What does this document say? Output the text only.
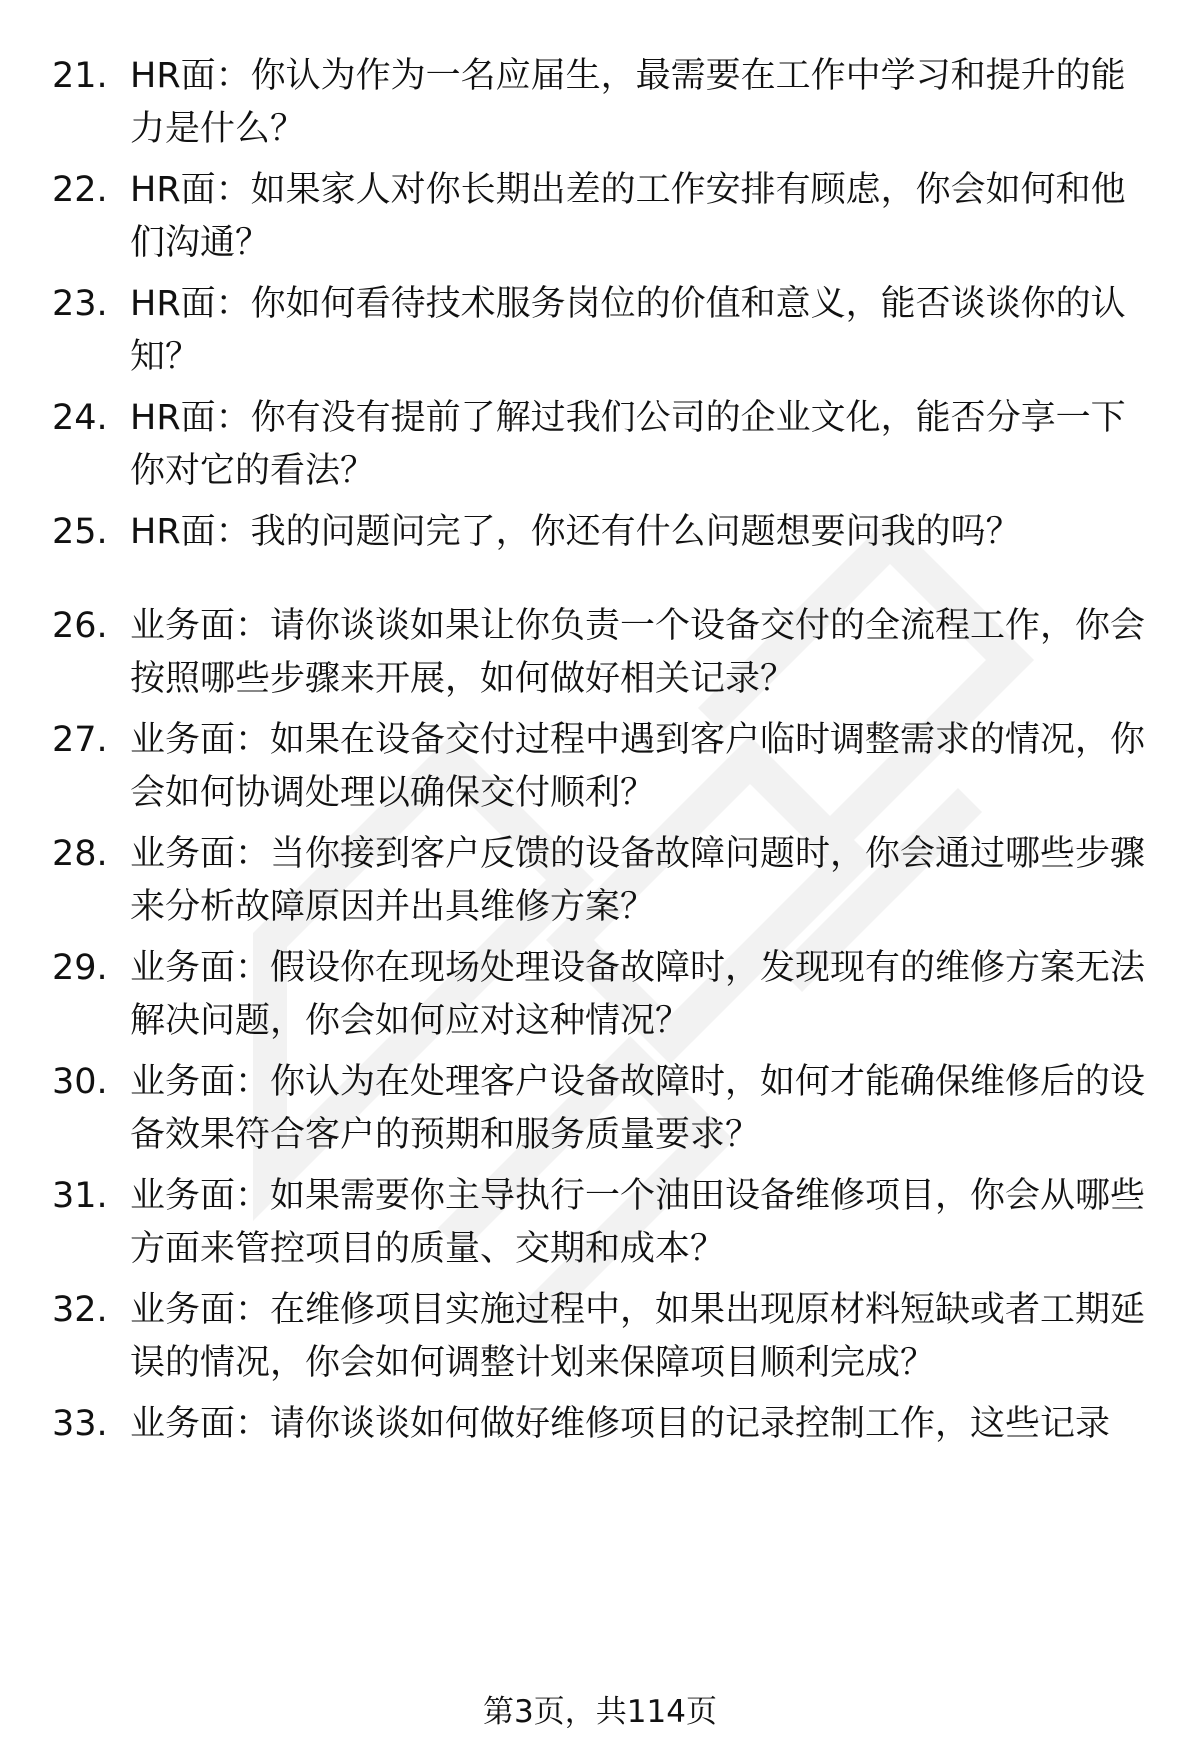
21. HR面：你认为作为一名应届生，最需要在工作中学习和提升的能力是什么？
22. HR面：如果家人对你长期出差的工作安排有顾虑，你会如何和他们沟通？
23. HR面：你如何看待技术服务岗位的价值和意义，能否谈谈你的认知？
24. HR面：你有没有提前了解过我们公司的企业文化，能否分享一下你对它的看法？
25. HR面：我的问题问完了，你还有什么问题想要问我的吗？
26. 业务面：请你谈谈如果让你负责一个设备交付的全流程工作，你会按照哪些步骤来开展，如何做好相关记录？
27. 业务面：如果在设备交付过程中遇到客户临时调整需求的情况，你会如何协调处理以确保交付顺利？
28. 业务面：当你接到客户反馈的设备故障问题时，你会通过哪些步骤来分析故障原因并出具维修方案？
29. 业务面：假设你在现场处理设备故障时，发现现有的维修方案无法解决问题，你会如何应对这种情况？
30. 业务面：你认为在处理客户设备故障时，如何才能确保维修后的设备效果符合客户的预期和服务质量要求？
31. 业务面：如果需要你主导执行一个油田设备维修项目，你会从哪些方面来管控项目的质量、交期和成本？
32. 业务面：在维修项目实施过程中，如果出现原材料短缺或者工期延误的情况，你会如何调整计划来保障项目顺利完成？
33. 业务面：请你谈谈如何做好维修项目的记录控制工作，这些记录
第3页，共114页
